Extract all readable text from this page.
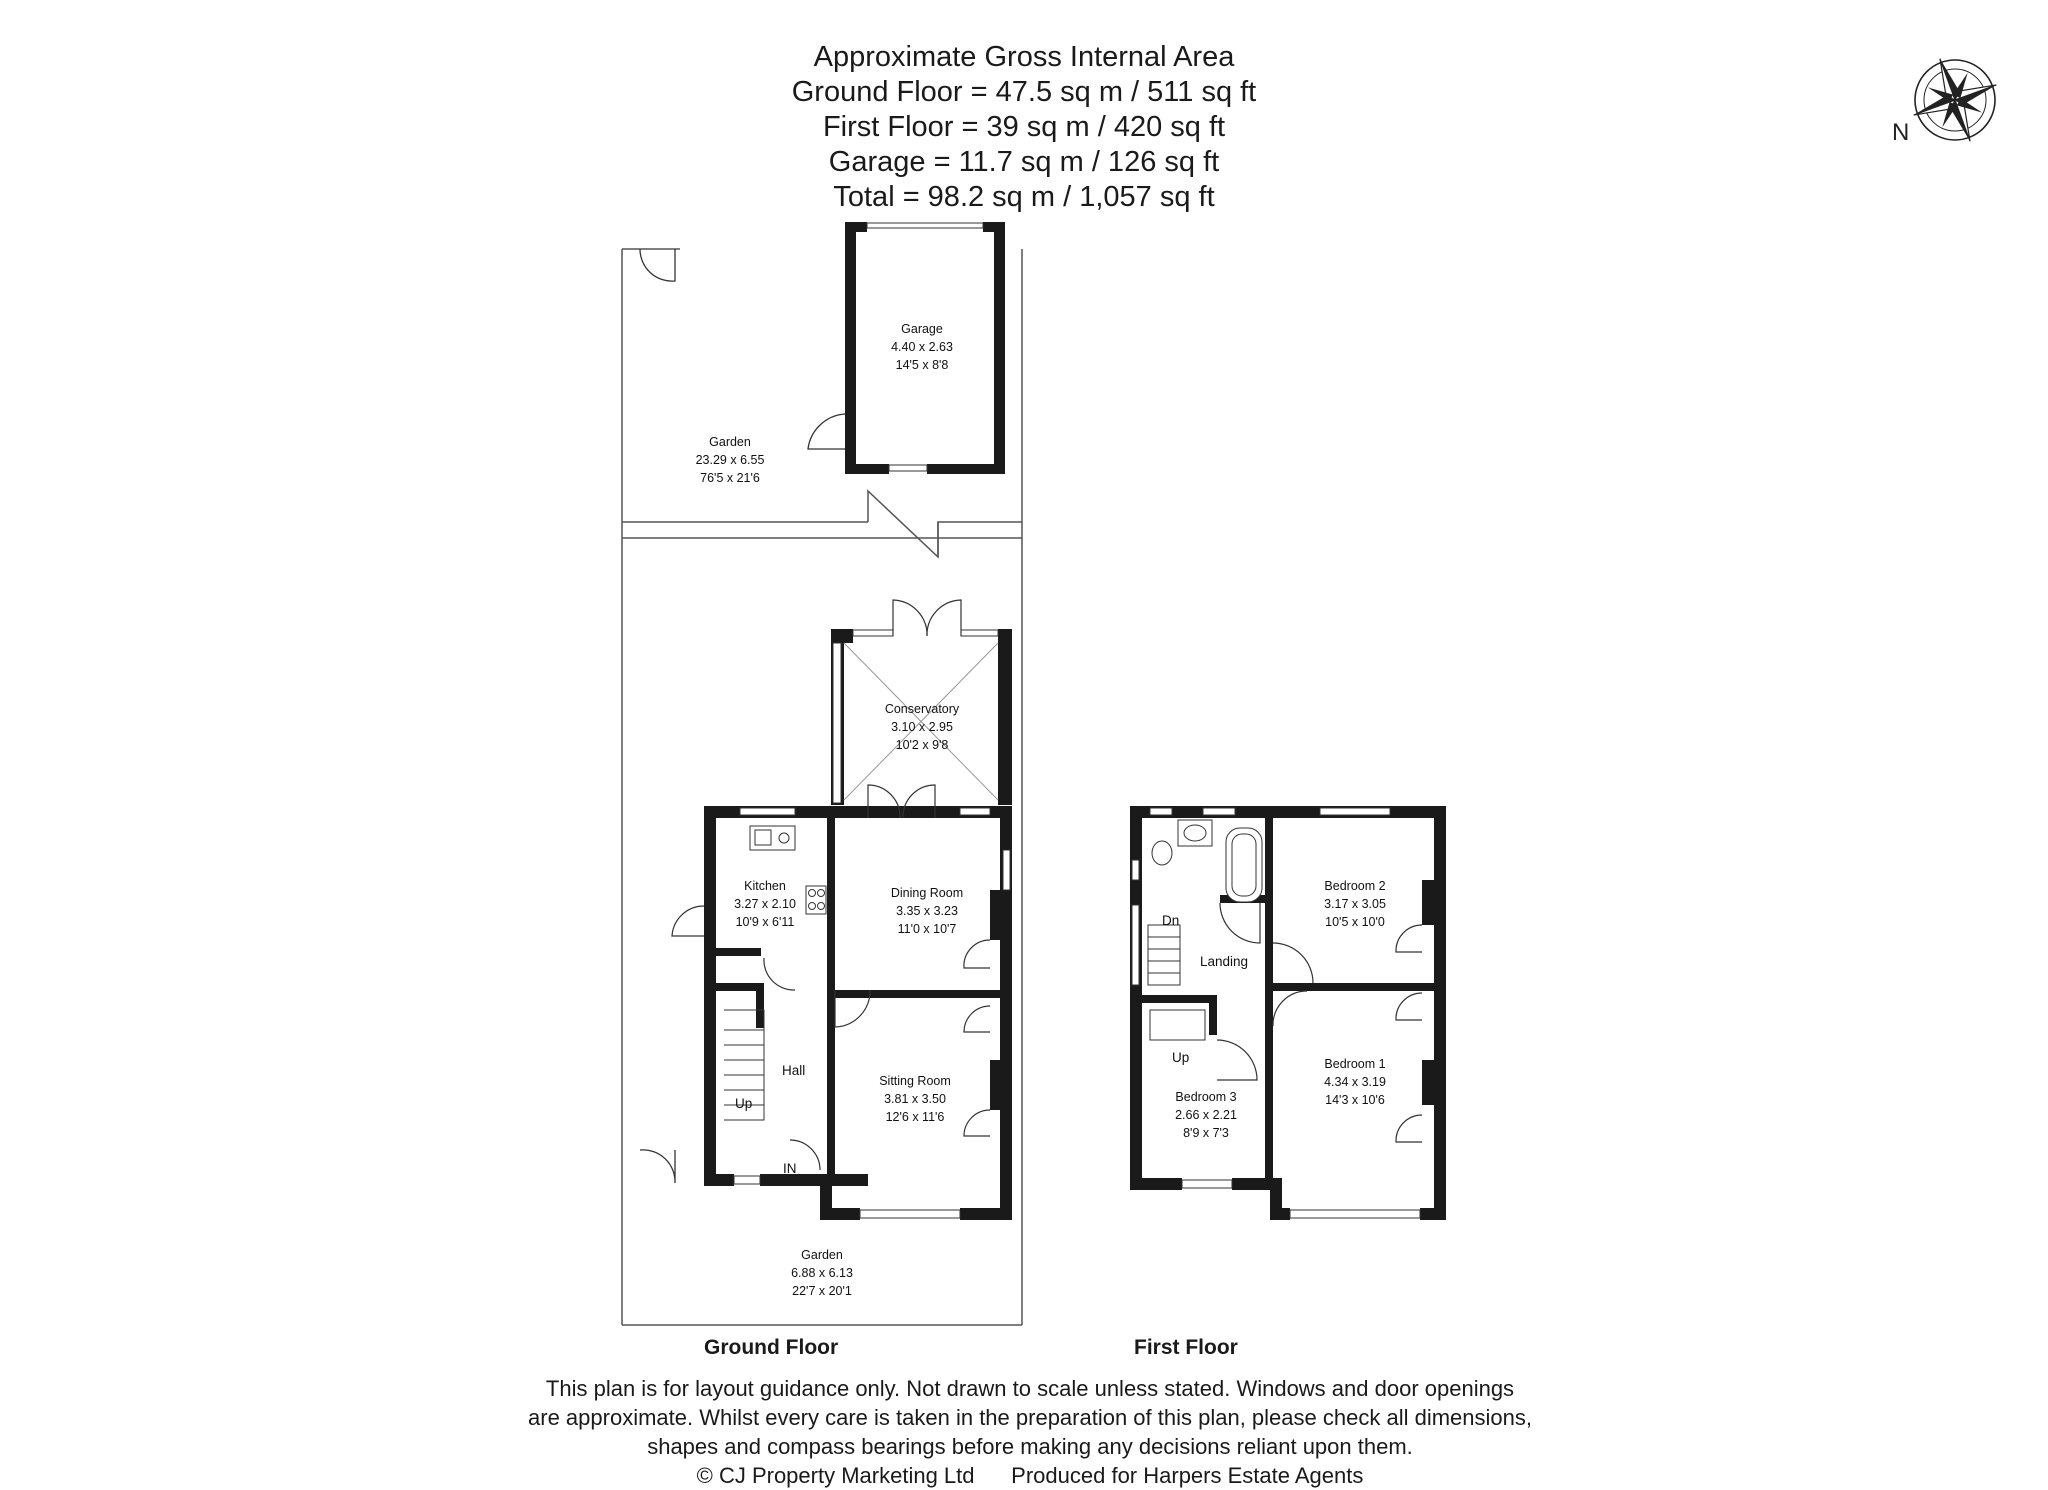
Approximate Gross Internal Area
Ground Floor = 47.5 sq m / 511 sq ft
First Floor = 39 sq m / 420 sq ft
Garage = 11.7 sq m / 126 sq ft
Total = 98.2 sq m / 1,057 sq ft
N
Garage
4.40 x 2.63
14'5 x 8'8
Garden
23.29 x 6.55
76'5 x 21'6
Conservatory
3.10 x 2.95
10'2 x 9'8
Kitchen
3.27 x 2.10
10'9 x 6'11
Dining Room
3.35 x 3.23
11'0 x 10'7
Sitting Room
3.81 x 3.50
12'6 x 11'6
Garden
6.88 x 6.13
22'7 x 20'1
Hall
Up
IN
Bedroom 2
3.17 x 3.05
10'5 x 10'0
Bedroom 1
4.34 x 3.19
14'3 x 10'6
Bedroom 3
2.66 x 2.21
8'9 x 7'3
Landing
Dn
Up
Ground Floor	First Floor
This plan is for layout guidance only. Not drawn to scale unless stated. Windows and door openings
are approximate. Whilst every care is taken in the preparation of this plan, please check all dimensions,
shapes and compass bearings before making any decisions reliant upon them.
© CJ Property Marketing Ltd      Produced for Harpers Estate Agents
